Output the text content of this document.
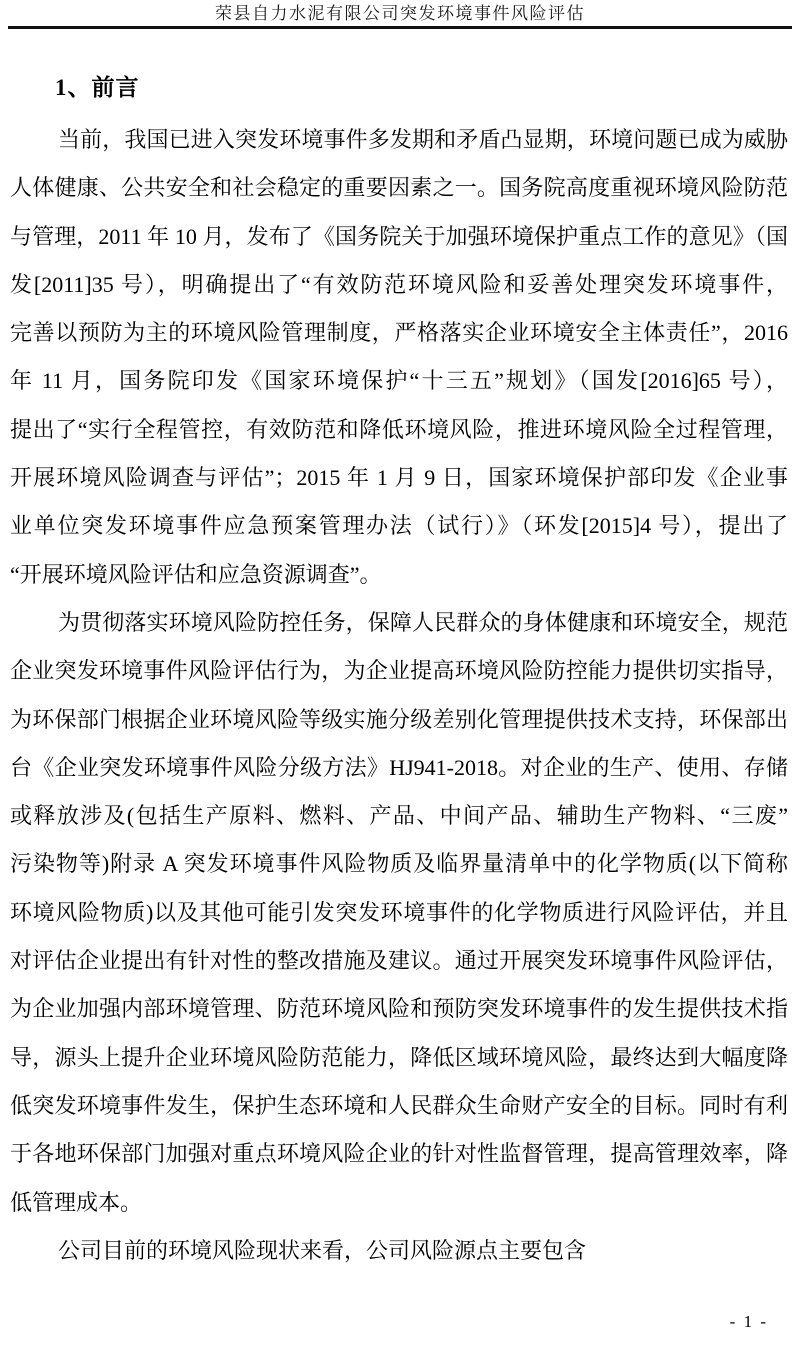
荣县自力水泥有限公司突发环境事件风险评估
1、前言
当前，我国已进入突发环境事件多发期和矛盾凸显期，环境问题已成为威胁
人体健康、公共安全和社会稳定的重要因素之一。国务院高度重视环境风险防范
与管理，2011 年 10 月，发布了《国务院关于加强环境保护重点工作的意见》（国
发[2011]35 号），明确提出了“有效防范环境风险和妥善处理突发环境事件，
完善以预防为主的环境风险管理制度，严格落实企业环境安全主体责任”，2016
年 11 月，国务院印发《国家环境保护“十三五”规划》（国发[2016]65 号），
提出了“实行全程管控，有效防范和降低环境风险，推进环境风险全过程管理，
开展环境风险调查与评估”；2015 年 1 月 9 日，国家环境保护部印发《企业事
业单位突发环境事件应急预案管理办法（试行）》（环发[2015]4 号），提出了
“开展环境风险评估和应急资源调查”。
为贯彻落实环境风险防控任务，保障人民群众的身体健康和环境安全，规范
企业突发环境事件风险评估行为，为企业提高环境风险防控能力提供切实指导，
为环保部门根据企业环境风险等级实施分级差别化管理提供技术支持，环保部出
台《企业突发环境事件风险分级方法》HJ941-2018。对企业的生产、使用、存储
或释放涉及(包括生产原料、燃料、产品、中间产品、辅助生产物料、“三废”
污染物等)附录 A 突发环境事件风险物质及临界量清单中的化学物质(以下简称
环境风险物质)以及其他可能引发突发环境事件的化学物质进行风险评估，并且
对评估企业提出有针对性的整改措施及建议。通过开展突发环境事件风险评估，
为企业加强内部环境管理、防范环境风险和预防突发环境事件的发生提供技术指
导，源头上提升企业环境风险防范能力，降低区域环境风险，最终达到大幅度降
低突发环境事件发生，保护生态环境和人民群众生命财产安全的目标。同时有利
于各地环保部门加强对重点环境风险企业的针对性监督管理，提高管理效率，降
低管理成本。
公司目前的环境风险现状来看，公司风险源点主要包含
- 1 -
